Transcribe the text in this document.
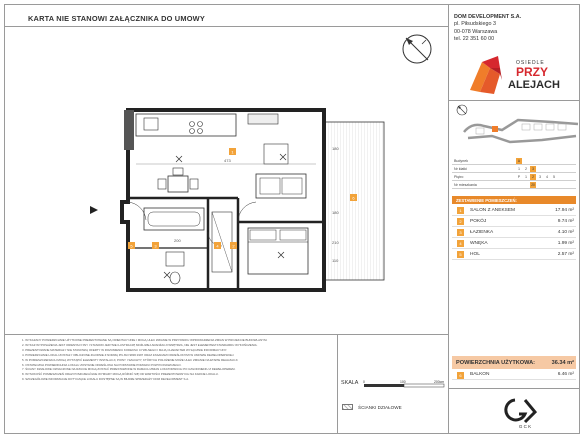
KARTA NIE STANOWI ZAŁĄCZNIKA DO UMOWY	DOM DEVELOPMENT S.A.
pl. Piłsudskiego 3
00-078 Warszawa
tel. 22 351 60 00
OSIEDLE
PRZY
ALEJACH
473
180
200
180
210
110
1
2
3	4
5
6
1. WYKAZANY POWIERZCHNIE UŻYTKOWE PREZENTOWANE SĄ ORIENTACYJNIE I MOGĄ ULEC ZMIANIE W PRZYPADKU WPROWADZENIA ZMIAN W PROJEKCIE BUDOWLANYM.
2. WYKAZ WYPOSAŻENIA JEST ORIENTACYJNY I STANOWI JEDYNIE ILUSTRACJĘ MOŻLIWEJ ARANŻACJI WNĘTRZA, NIE JEST ELEMENTEM STANDARDU WYKOŃCZENIA.
3. PREZENTOWANE MATERIAŁY NIE STANOWIĄ OFERTY W ROZUMIENIU KODEKSU CYWILNEGO I MAJĄ CHARAKTER WYŁĄCZNIE INFORMACYJNY.
4. POWIERZCHNIE LOKALI ZOSTAŁY OBLICZONE ZGODNIE Z NORMĄ PN-ISO 9836:1997 ORAZ ZASADAMI OKREŚLONYMI W UMOWIE DEWELOPERSKIEJ.
5. W POMIESZCZENIACH MOGĄ WYSTĄPIĆ ELEMENTY INSTALACJI, PIONY I SZACHTY, KTÓRYCH POŁOŻENIE MOŻE ULEC ZMIANIE NA ETAPIE REALIZACJI.
6. OSTATECZNA POWIERZCHNIA LOKALU ZOSTANIE OKREŚLONA NA PODSTAWIE POMIARU POWYKONAWCZEGO.
7. ŚCIANY DZIAŁOWE OZNACZONE NA RZUCIE MOGĄ ZOSTAĆ PRZESTAWIONE W RAMACH ZMIAN LOKATORSKICH PO UZGODNIENIU Z DEWELOPEREM.
8. WYSOKOŚĆ POMIESZCZEŃ ORAZ POSZCZEGÓLNE WYMIARY MOGĄ RÓŻNIĆ SIĘ OD WARTOŚCI PREZENTOWANYCH NA KARCIE LOKALU.
9. SZCZEGÓŁOWE INFORMACJE DOTYCZĄCE LOKALU DOSTĘPNE SĄ W BIURZE SPRZEDAŻY DOM DEVELOPMENT S.A.
SKALA 0	100	200cm
ŚCIANKI DZIAŁOWE
G C K
Budynek	A
Nr klatki	1	2	3
Piętro	P	1	2	3	4	5
Nr mieszkania	20
ZESTAWIENIE POMIESZCZEŃ:
1	SALON Z ANEKSEM	17.94 m²
2	POKÓJ	9.74 m²
3	ŁAZIENKA	4.10 m²
4	WNĘKA	1.99 m²
5	HOL	2.57 m²
POWIERZCHNIA UŻYTKOWA:	36.34 m²
6	BALKON	6.46 m²
